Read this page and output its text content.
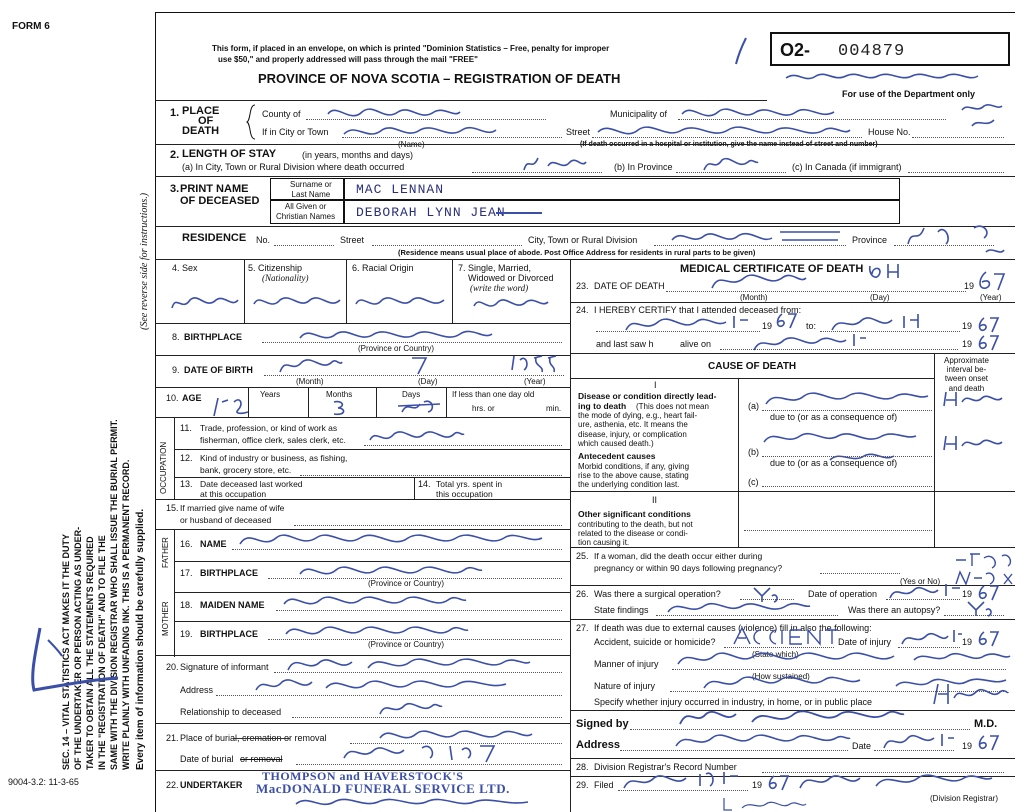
SEC. 14 – VITAL STATISTICS ACT MAKES IT THE DUTY OF THE UNDERTAKER OR PERSON ACTING AS UNDER- TAKER TO OBTAIN ALL THE STATEMENTS REQUIRED IN THE "REGISTRATION OF DEATH" AND TO FILE THE SAME WITH THE DIVISION REGISTRAR WHO SHALL ISSUE THE BURIAL PERMIT. WRITE PLAINLY WITH UNFADING INK. THIS IS A PERMANENT RECORD. Every item of information should be carefully supplied.
(See reverse side for instructions.)
FORM 6
9004-3.2: 11-3-65
This form, if placed in an envelope, on which is printed "Dominion Statistics – Free, penalty for improper
use $50," and properly addressed will pass through the mail "FREE"
PROVINCE OF NOVA SCOTIA – REGISTRATION OF DEATH
O2- 004879
For use of the Department only
1. PLACE
OF
DEATH
County of	Municipality of
If in City or Town
(Name)
Street	House No.
(If death occurred in a hospital or institution, give the name instead of street and number)
2. LENGTH OF STAY	(in years, months and days)
(a) In City, Town or Rural Division where death occurred	(b) In Province	(c) In Canada (if immigrant)
3. PRINT NAME
OF DECEASED
Surname or
Last Name MAC LENNAN
All Given or
Christian Names DEBORAH LYNN JEAN
RESIDENCE No.	Street	City, Town or Rural Division	Province
(Residence means usual place of abode. Post Office Address for residents in rural parts to be given)
4. Sex	5. Citizenship
(Nationality)
6. Racial Origin	7. Single, Married,
Widowed or Divorced
(write the word)
8. BIRTHPLACE
(Province or Country)
9. DATE OF BIRTH
(Month)	(Day)	(Year)
10. AGE	Years	Months	Days	If less than one day old
hrs. or	min.
OCCUPATION
11. Trade, profession, or kind of work as
fisherman, office clerk, sales clerk, etc.
12. Kind of industry or business, as fishing,
bank, grocery store, etc.
13. Date deceased last worked
at this occupation
14. Total yrs. spent in
this occupation
15. If married give name of wife
or husband of deceased
FATHER
MOTHER
16. NAME
17. BIRTHPLACE
(Province or Country)
18. MAIDEN NAME
19. BIRTHPLACE
(Province or Country)
20. Signature of informant
Address
Relationship to deceased
21. Place of burial, cremation or removal
Date of burial or removal
22. UNDERTAKER
THOMPSON and HAVERSTOCK'S
MacDONALD FUNERAL SERVICE LTD.
MEDICAL CERTIFICATE OF DEATH
23. DATE OF DEATH	19
(Month)	(Day)	(Year)
24. I HEREBY CERTIFY that I attended deceased from:
19	to:	19
and last saw h	alive on	19
CAUSE OF DEATH
Approximate
interval be-
tween onset
and death
I
Disease or condition directly lead-
ing to death	(This does not mean
the mode of dying, e.g., heart fail-
ure, asthenia, etc. It means the
disease, injury, or complication
which caused death.)
(a)
due to (or as a consequence of)
Antecedent causes
Morbid conditions, if any, giving
rise to the above cause, stating
the underlying condition last.
(b)
due to (or as a consequence of)
(c)
II
Other significant conditions
contributing to the death, but not
related to the disease or condi-
tion causing it.
25. If a woman, did the death occur either during
pregnancy or within 90 days following pregnancy?
(Yes or No)
26. Was there a surgical operation?	Date of operation	19
State findings	Was there an autopsy?
27. If death was due to external causes (violence) fill in also the following:
Accident, suicide or homicide?	Date of injury	19
(State which)
Manner of injury
(How sustained)
Nature of injury
Specify whether injury occurred in industry, in home, or in public place
Signed by	M.D.
Address	Date	19
28. Division Registrar's Record Number
29. Filed	19
(Division Registrar)
